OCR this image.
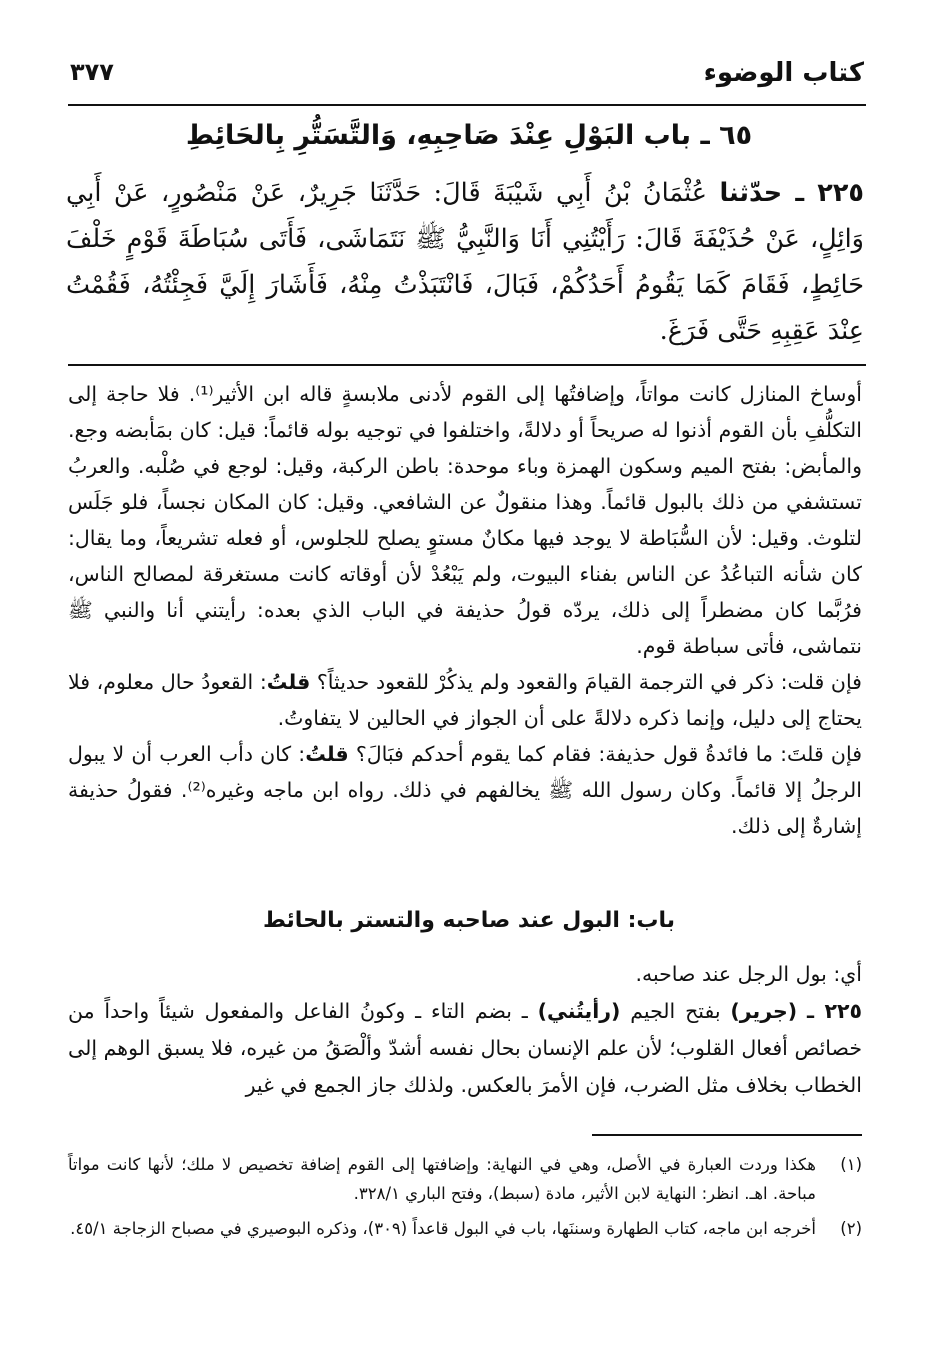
كتاب الوضوء
٣٧٧
٦٥ ـ باب البَوْلِ عِنْدَ صَاحِبِهِ، وَالتَّسَتُّرِ بِالحَائِطِ
٢٢٥ ـ حدّثنا عُثْمَانُ بْنُ أَبِي شَيْبَةَ قَالَ: حَدَّثَنَا جَرِيرٌ، عَنْ مَنْصُورٍ، عَنْ أَبِي وَائِلٍ، عَنْ حُذَيْفَةَ قَالَ: رَأَيْتُنِي أَنَا وَالنَّبِيُّ ﷺ نَتَمَاشَى، فَأَتَى سُبَاطَةَ قَوْمٍ خَلْفَ حَائِطٍ، فَقَامَ كَمَا يَقُومُ أَحَدُكُمْ، فَبَالَ، فَانْتَبَذْتُ مِنْهُ، فَأَشَارَ إِلَيَّ فَجِئْتُهُ، فَقُمْتُ عِنْدَ عَقِبِهِ حَتَّى فَرَغَ.

أوساخ المنازل كانت مواتاً، وإضافتُها إلى القوم لأدنى ملابسةٍ قاله ابن الأثير⁽¹⁾. فلا حاجة إلى التكلُّفِ بأن القوم أذنوا له صريحاً أو دلالةً، واختلفوا في توجيه بوله قائماً: قيل: كان بمَأبضه وجع. والمأبض: بفتح الميم وسكون الهمزة وباء موحدة: باطن الركبة، وقيل: لوجع في صُلْبه. والعربُ تستشفي من ذلك بالبول قائماً. وهذا منقولٌ عن الشافعي. وقيل: كان المكان نجساً، فلو جَلَس لتلوث. وقيل: لأن السُّبَاطة لا يوجد فيها مكانٌ مستوٍ يصلح للجلوس، أو فعله تشريعاً، وما يقال: كان شأنه التباعُدُ عن الناس بفناء البيوت، ولم يَبْعُدْ لأن أوقاته كانت مستغرقة لمصالح الناس، فرُبَّما كان مضطراً إلى ذلك، يردّه قولُ حذيفة في الباب الذي بعده: رأيتني أنا والنبي ﷺ نتماشى، فأتى سباطة قوم.

فإن قلت: ذكر في الترجمة القيامَ والقعود ولم يذكُرْ للقعود حديثاً؟ قلتُ: القعودُ حال معلوم، فلا يحتاج إلى دليل، وإنما ذكره دلالةً على أن الجواز في الحالين لا يتفاوتُ.

فإن قلتَ: ما فائدةُ قول حذيفة: فقام كما يقوم أحدكم فبَالَ؟ قلتُ: كان دأب العرب أن لا يبول الرجلُ إلا قائماً. وكان رسول الله ﷺ يخالفهم في ذلك. رواه ابن ماجه وغيره⁽²⁾. فقولُ حذيفة إشارةٌ إلى ذلك.

باب: البول عند صاحبه والتستر بالحائط

أي: بول الرجل عند صاحبه.

٢٢٥ ـ (جرير) بفتح الجيم (رأيتُني) ـ بضم التاء ـ وكونُ الفاعل والمفعول شيئاً واحداً من خصائص أفعال القلوب؛ لأن علم الإنسان بحال نفسه أشدّ وألْصَقُ من غيره، فلا يسبق الوهم إلى الخطاب بخلاف مثل الضرب، فإن الأمرَ بالعكس. ولذلك جاز الجمع في غير

(١)
هكذا وردت العبارة في الأصل، وهي في النهاية: وإضافتها إلى القوم إضافة تخصيص لا ملك؛ لأنها كانت مواتاً مباحة. اهـ. انظر: النهاية لابن الأثير، مادة (سبط)، وفتح الباري ٣٢٨/١.
(٢)
أخرجه ابن ماجه، كتاب الطهارة وسننَها، باب في البول قاعداً (٣٠٩)، وذكره البوصيري في مصباح الزجاجة ٤٥/١.
